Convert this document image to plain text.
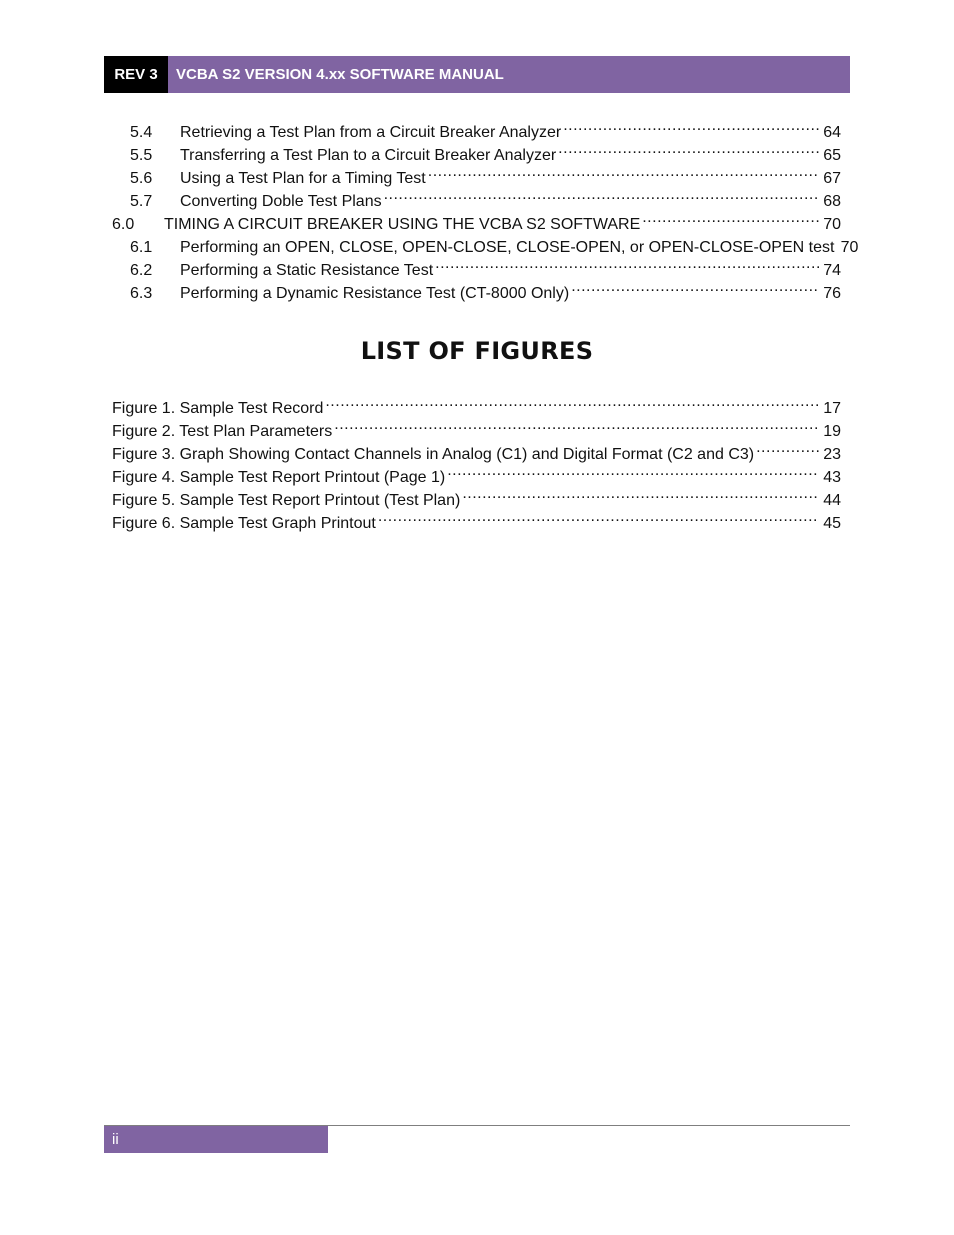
REV 3	VCBA S2 VERSION 4.xx SOFTWARE MANUAL
5.4	Retrieving a Test Plan from a Circuit Breaker Analyzer .....	64
5.5	Transferring a Test Plan to a Circuit Breaker Analyzer .....	65
5.6	Using a Test Plan for a Timing Test .....	67
5.7	Converting Doble Test Plans .....	68
6.0	TIMING A CIRCUIT BREAKER USING THE VCBA S2 SOFTWARE .....	70
6.1	Performing an OPEN, CLOSE, OPEN-CLOSE, CLOSE-OPEN, or OPEN-CLOSE-OPEN test 70
6.2	Performing a Static Resistance Test .....	74
6.3	Performing a Dynamic Resistance Test (CT-8000 Only) .....	76
LIST OF FIGURES
Figure 1. Sample Test Record .....	17
Figure 2. Test Plan Parameters .....	19
Figure 3. Graph Showing Contact Channels in Analog (C1) and Digital Format (C2 and C3) .....	23
Figure 4. Sample Test Report Printout (Page 1) .....	43
Figure 5. Sample Test Report Printout (Test Plan) .....	44
Figure 6. Sample Test Graph Printout .....	45
ii
